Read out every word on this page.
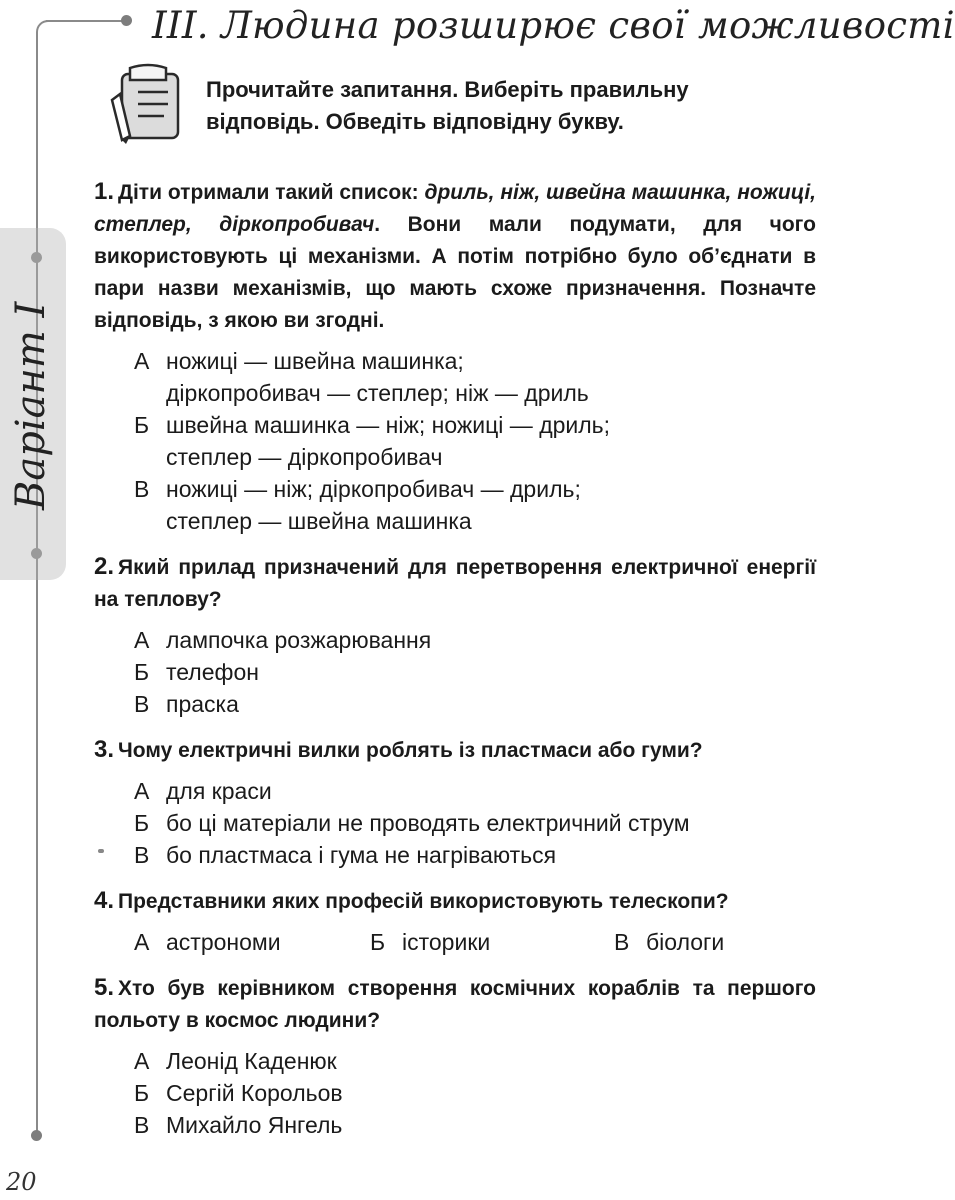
Варіант І
III. Людина розширює свої можливості
Прочитайте запитання. Виберіть правильну відповідь. Обведіть відповідну букву.
1. Діти отримали такий список: дриль, ніж, швейна машинка, ножиці, степлер, діркопробивач. Вони мали подумати, для чого використовують ці механізми. А потім потрібно було об’єднати в пари назви механізмів, що мають схоже призначення. Позначте відповідь, з якою ви згодні.
А ножиці — швейна машинка;
діркопробивач — степлер; ніж — дриль
Б швейна машинка — ніж; ножиці — дриль;
степлер — діркопробивач
В ножиці — ніж; діркопробивач — дриль;
степлер — швейна машинка
2. Який прилад призначений для перетворення електричної енергії на теплову?
А лампочка розжарювання
Б телефон
В праска
3. Чому електричні вилки роблять із пластмаси або гуми?
А для краси
Б бо ці матеріали не проводять електричний струм
В бо пластмаса і гума не нагріваються
4. Представники яких професій використовують телескопи?
А астрономи	Б історики	В біологи
5. Хто був керівником створення космічних кораблів та першого польоту в космос людини?
А Леонід Каденюк
Б Сергій Корольов
В Михайло Янгель
20
